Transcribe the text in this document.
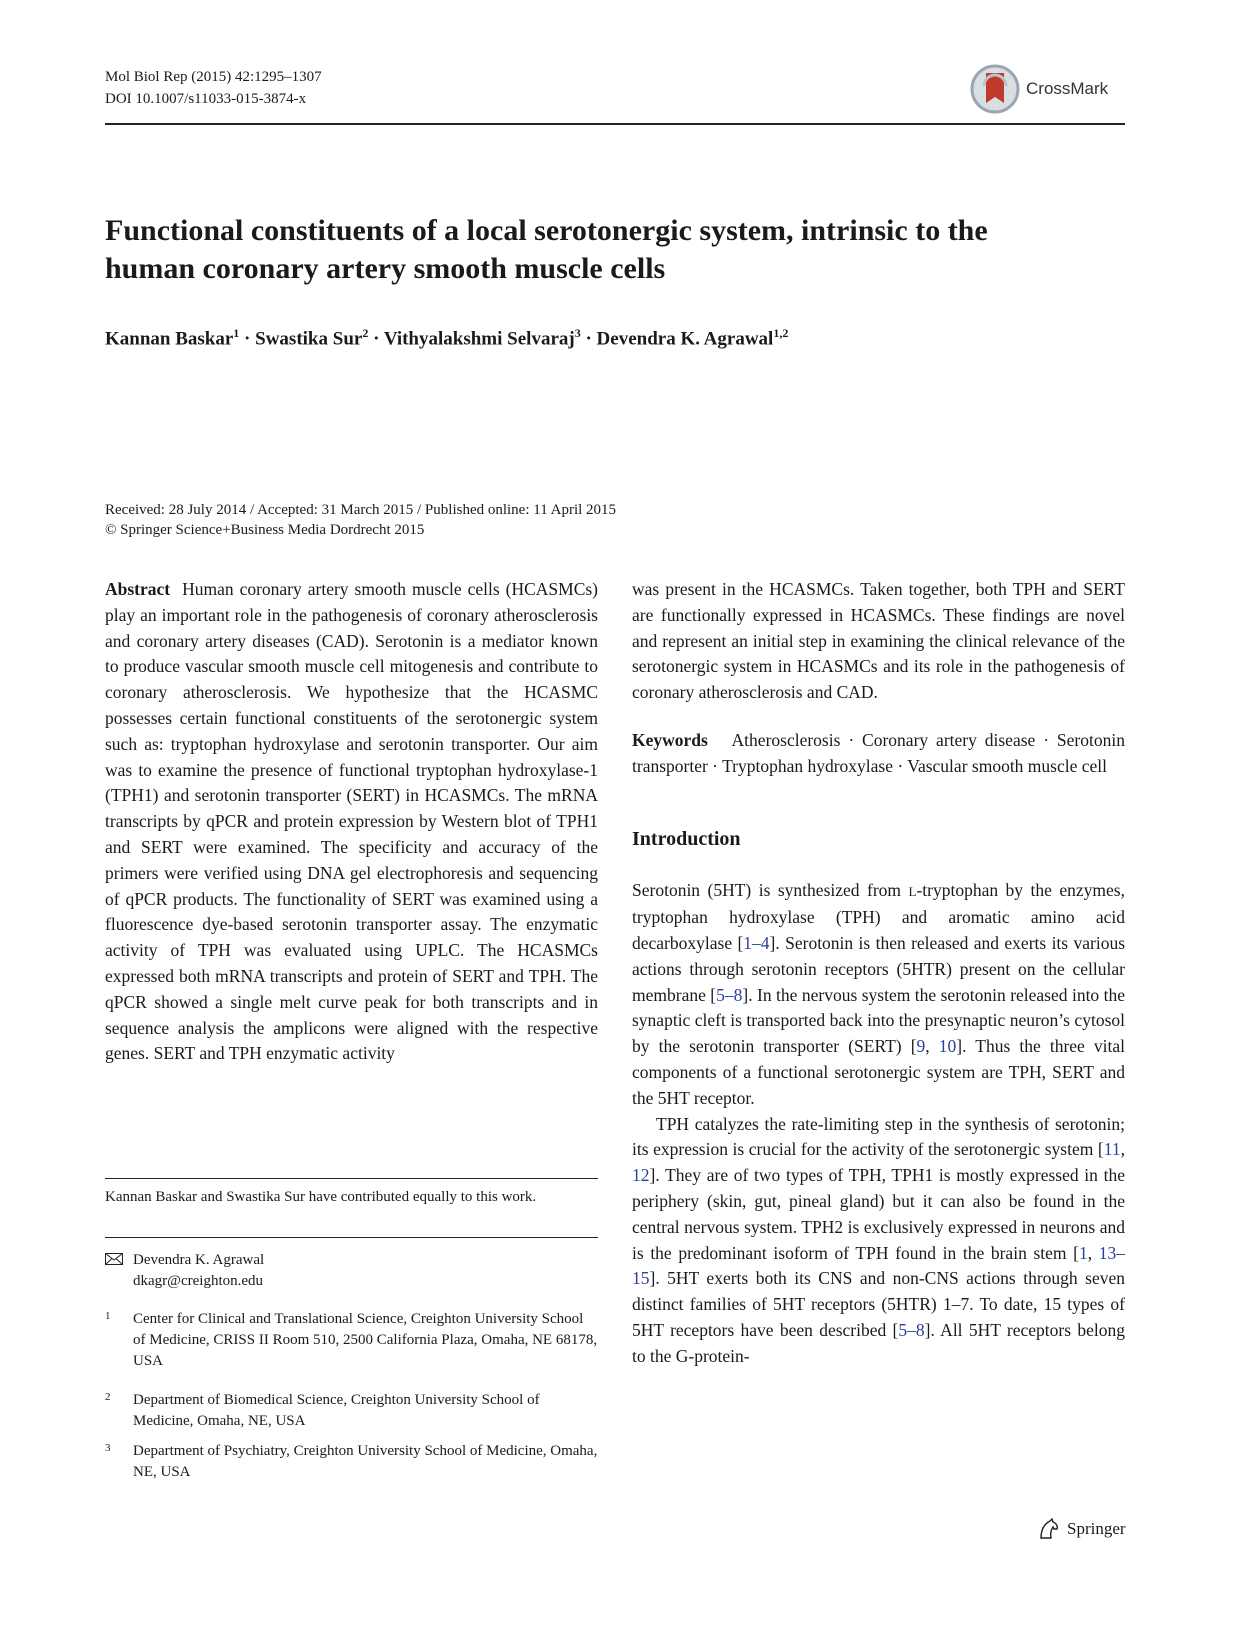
Mol Biol Rep (2015) 42:1295–1307
DOI 10.1007/s11033-015-3874-x
CrossMark
Functional constituents of a local serotonergic system, intrinsic to the human coronary artery smooth muscle cells
Kannan Baskar$^1$ · Swastika Sur$^2$ · Vithyalakshmi Selvaraj$^3$ · Devendra K. Agrawal$^{1,2}$
Received: 28 July 2014 / Accepted: 31 March 2015 / Published online: 11 April 2015
© Springer Science+Business Media Dordrecht 2015

Abstract Human coronary artery smooth muscle cells (HCASMCs) play an important role in the pathogenesis of coronary atherosclerosis and coronary artery diseases (CAD). Serotonin is a mediator known to produce vascular smooth muscle cell mitogenesis and contribute to coronary atherosclerosis. We hypothesize that the HCASMC possesses certain functional constituents of the serotonergic system such as: tryptophan hydroxylase and serotonin transporter. Our aim was to examine the presence of functional tryptophan hydroxylase-1 (TPH1) and serotonin transporter (SERT) in HCASMCs. The mRNA transcripts by qPCR and protein expression by Western blot of TPH1 and SERT were examined. The specificity and accuracy of the primers were verified using DNA gel electrophoresis and sequencing of qPCR products. The functionality of SERT was examined using a fluorescence dye-based serotonin transporter assay. The enzymatic activity of TPH was evaluated using UPLC. The HCASMCs expressed both mRNA transcripts and protein of SERT and TPH. The qPCR showed a single melt curve peak for both transcripts and in sequence analysis the amplicons were aligned with the respective genes. SERT and TPH enzymatic activity

was present in the HCASMCs. Taken together, both TPH and SERT are functionally expressed in HCASMCs. These findings are novel and represent an initial step in examining the clinical relevance of the serotonergic system in HCASMCs and its role in the pathogenesis of coronary atherosclerosis and CAD.

Keywords Atherosclerosis · Coronary artery disease · Serotonin transporter · Tryptophan hydroxylase · Vascular smooth muscle cell

Introduction

Serotonin (5HT) is synthesized from L-tryptophan by the enzymes, tryptophan hydroxylase (TPH) and aromatic amino acid decarboxylase [1–4]. Serotonin is then released and exerts its various actions through serotonin receptors (5HTR) present on the cellular membrane [5–8]. In the nervous system the serotonin released into the synaptic cleft is transported back into the presynaptic neuron’s cytosol by the serotonin transporter (SERT) [9, 10]. Thus the three vital components of a functional serotonergic system are TPH, SERT and the 5HT receptor.

TPH catalyzes the rate-limiting step in the synthesis of serotonin; its expression is crucial for the activity of the serotonergic system [11, 12]. They are of two types of TPH, TPH1 is mostly expressed in the periphery (skin, gut, pineal gland) but it can also be found in the central nervous system. TPH2 is exclusively expressed in neurons and is the predominant isoform of TPH found in the brain stem [1, 13–15]. 5HT exerts both its CNS and non-CNS actions through seven distinct families of 5HT receptors (5HTR) 1–7. To date, 15 types of 5HT receptors have been described [5–8]. All 5HT receptors belong to the G-protein-

Kannan Baskar and Swastika Sur have contributed equally to this work.
Devendra K. Agrawal
dkagr@creighton.edu
1 Center for Clinical and Translational Science, Creighton University School of Medicine, CRISS II Room 510, 2500 California Plaza, Omaha, NE 68178, USA
2 Department of Biomedical Science, Creighton University School of Medicine, Omaha, NE, USA
3 Department of Psychiatry, Creighton University School of Medicine, Omaha, NE, USA
Springer
